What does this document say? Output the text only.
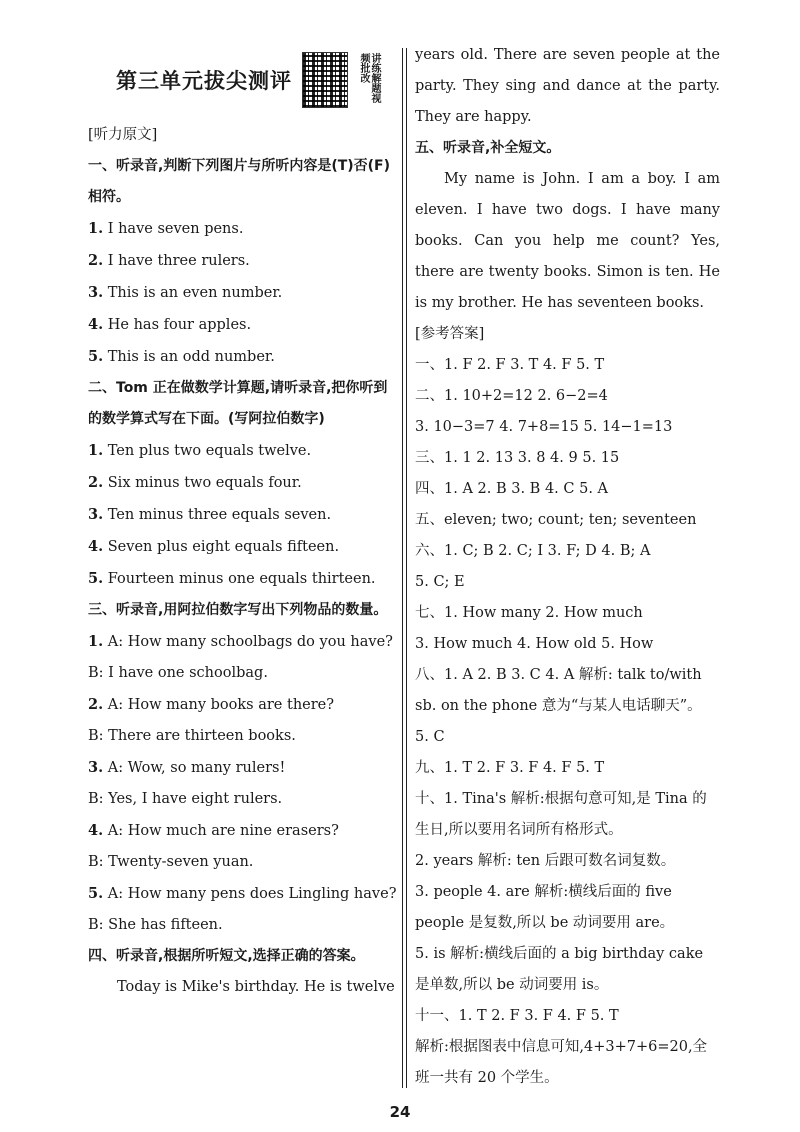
第三单元拔尖测评	讲练解题视频批改
[听力原文]
一、听录音,判断下列图片与所听内容是(T)否(F)相符。
1. I have seven pens.
2. I have three rulers.
3. This is an even number.
4. He has four apples.
5. This is an odd number.
二、Tom 正在做数学计算题,请听录音,把你听到的数学算式写在下面。(写阿拉伯数字)
1. Ten plus two equals twelve.
2. Six minus two equals four.
3. Ten minus three equals seven.
4. Seven plus eight equals fifteen.
5. Fourteen minus one equals thirteen.
三、听录音,用阿拉伯数字写出下列物品的数量。
1. A: How many schoolbags do you have?
B: I have one schoolbag.
2. A: How many books are there?
B: There are thirteen books.
3. A: Wow, so many rulers!
B: Yes, I have eight rulers.
4. A: How much are nine erasers?
B: Twenty-seven yuan.
5. A: How many pens does Lingling have?
B: She has fifteen.
四、听录音,根据所听短文,选择正确的答案。
Today is Mike's birthday. He is twelve
years old. There are seven people at the party. They sing and dance at the party. They are happy.
五、听录音,补全短文。
My name is John. I am a boy. I am eleven. I have two dogs. I have many books. Can you help me count? Yes, there are twenty books. Simon is ten. He is my brother. He has seventeen books.
[参考答案]
一、1. F 2. F 3. T 4. F 5. T
二、1. 10+2=12 2. 6−2=4
3. 10−3=7 4. 7+8=15 5. 14−1=13
三、1. 1 2. 13 3. 8 4. 9 5. 15
四、1. A 2. B 3. B 4. C 5. A
五、eleven; two; count; ten; seventeen
六、1. C; B 2. C; I 3. F; D 4. B; A
5. C; E
七、1. How many 2. How much
3. How much 4. How old 5. How
八、1. A 2. B 3. C 4. A 解析: talk to/with sb. on the phone 意为“与某人电话聊天”。 5. C
九、1. T 2. F 3. F 4. F 5. T
十、1. Tina's 解析:根据句意可知,是 Tina 的生日,所以要用名词所有格形式。
2. years 解析: ten 后跟可数名词复数。
3. people 4. are 解析:横线后面的 five people 是复数,所以 be 动词要用 are。
5. is 解析:横线后面的 a big birthday cake 是单数,所以 be 动词要用 is。
十一、1. T 2. F 3. F 4. F 5. T
解析:根据图表中信息可知,4+3+7+6=20,全班一共有 20 个学生。
24
